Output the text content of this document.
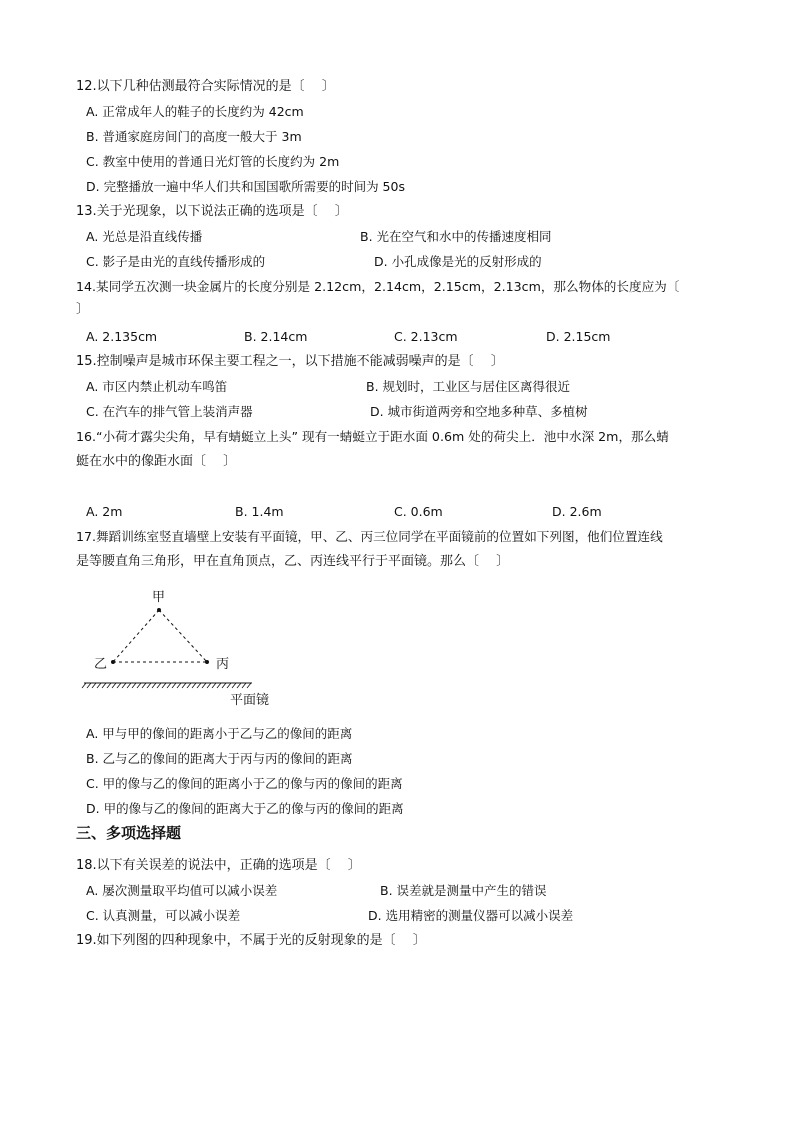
12.以下几种估测最符合实际情况的是〔　 〕
A. 正常成年人的鞋子的长度约为 42cm
B. 普通家庭房间门的高度一般大于 3m
C. 教室中使用的普通日光灯管的长度约为 2m
D. 完整播放一遍中华人们共和国国歌所需要的时间为 50s
13.关于光现象，以下说法正确的选项是〔　 〕
A. 光总是沿直线传播	B. 光在空气和水中的传播速度相同
C. 影子是由光的直线传播形成的	D. 小孔成像是光的反射形成的
14.某同学五次测一块金属片的长度分别是 2.12cm，2.14cm，2.15cm，2.13cm，那么物体的长度应为〔
〕
A. 2.135cm	B. 2.14cm	C. 2.13cm	D. 2.15cm
15.控制噪声是城市环保主要工程之一，以下措施不能减弱噪声的是〔　 〕
A. 市区内禁止机动车鸣笛	B. 规划时，工业区与居住区离得很近
C. 在汽车的排气管上装消声器	D. 城市街道两旁和空地多种草、多植树
16.“小荷才露尖尖角，早有蜻蜓立上头” 现有一蜻蜓立于距水面 0.6m 处的荷尖上．池中水深 2m，那么蜻
蜓在水中的像距水面〔　 〕
A. 2m	B. 1.4m	C. 0.6m	D. 2.6m
17.舞蹈训练室竖直墙壁上安装有平面镜，甲、乙、丙三位同学在平面镜前的位置如下列图，他们位置连线
是等腰直角三角形，甲在直角顶点，乙、丙连线平行于平面镜。那么〔　 〕
甲
乙	丙
平面镜
A. 甲与甲的像间的距离小于乙与乙的像间的距离
B. 乙与乙的像间的距离大于丙与丙的像间的距离
C. 甲的像与乙的像间的距离小于乙的像与丙的像间的距离
D. 甲的像与乙的像间的距离大于乙的像与丙的像间的距离
三、多项选择题
18.以下有关误差的说法中，正确的选项是〔　 〕
A. 屡次测量取平均值可以减小误差	B. 误差就是测量中产生的错误
C. 认真测量，可以减小误差	D. 选用精密的测量仪器可以减小误差
19.如下列图的四种现象中，不属于光的反射现象的是〔　 〕
